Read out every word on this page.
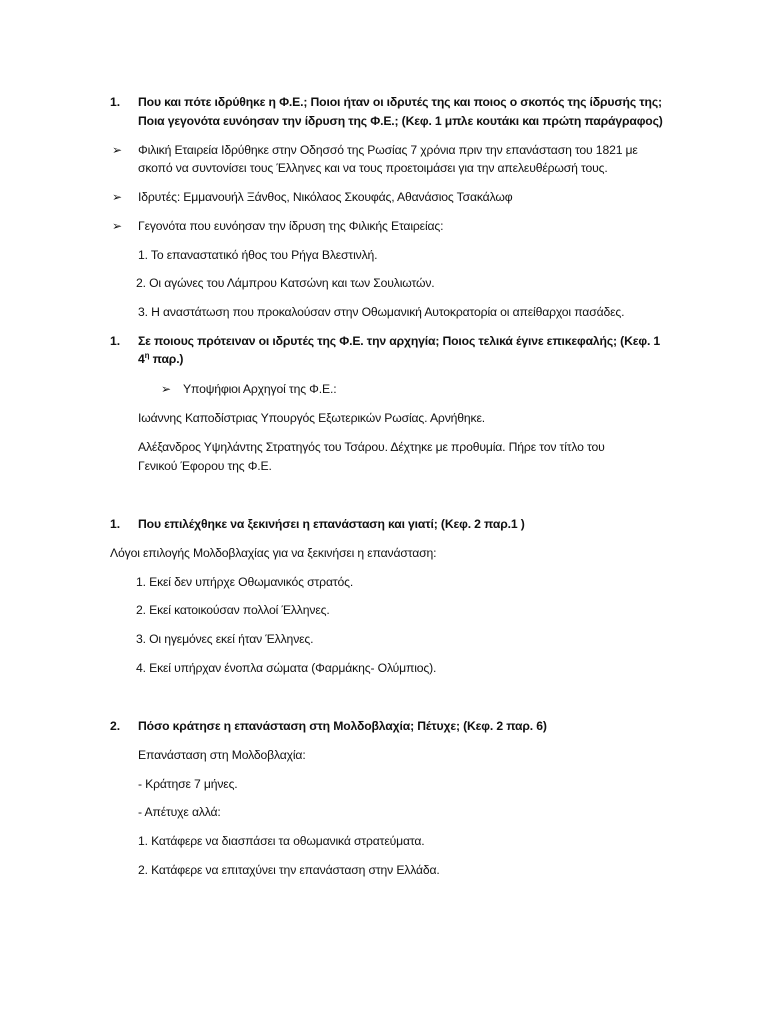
1. Που και πότε ιδρύθηκε η Φ.Ε.; Ποιοι ήταν οι ιδρυτές της και ποιος ο σκοπός της ίδρυσής της;
Ποια γεγονότα ευνόησαν την ίδρυση της Φ.Ε.; (Κεφ. 1 μπλε κουτάκι και πρώτη παράγραφος)
➢ Φιλική Εταιρεία Ιδρύθηκε στην Οδησσό της Ρωσίας 7 χρόνια πριν την επανάσταση του 1821 με
σκοπό να συντονίσει τους Έλληνες και να τους προετοιμάσει για την απελευθέρωσή τους.
➢ Ιδρυτές: Εμμανουήλ Ξάνθος, Νικόλαος Σκουφάς, Αθανάσιος Τσακάλωφ
➢ Γεγονότα που ευνόησαν την ίδρυση της Φιλικής Εταιρείας:
1. Το επαναστατικό ήθος του Ρήγα Βλεστινλή.
2. Οι αγώνες του Λάμπρου Κατσώνη και των Σουλιωτών.
3. Η αναστάτωση που προκαλούσαν στην Οθωμανική Αυτοκρατορία οι απείθαρχοι πασάδες.
1. Σε ποιους πρότειναν οι ιδρυτές της Φ.Ε. την αρχηγία; Ποιος τελικά έγινε επικεφαλής; (Κεφ. 1
$4^\eta$ παρ.)
➢ Υποψήφιοι Αρχηγοί της Φ.Ε.:
Ιωάννης Καποδίστριας Υπουργός Εξωτερικών Ρωσίας. Αρνήθηκε.
Αλέξανδρος Υψηλάντης Στρατηγός του Τσάρου. Δέχτηκε με προθυμία. Πήρε τον τίτλο του
Γενικού Έφορου της Φ.Ε.
1. Που επιλέχθηκε να ξεκινήσει η επανάσταση και γιατί; (Κεφ. 2 παρ.1 )
Λόγοι επιλογής Μολδοβλαχίας για να ξεκινήσει η επανάσταση:
1. Εκεί δεν υπήρχε Οθωμανικός στρατός.
2. Εκεί κατοικούσαν πολλοί Έλληνες.
3. Οι ηγεμόνες εκεί ήταν Έλληνες.
4. Εκεί υπήρχαν ένοπλα σώματα (Φαρμάκης- Ολύμπιος).
2. Πόσο κράτησε η επανάσταση στη Μολδοβλαχία; Πέτυχε; (Κεφ. 2 παρ. 6)
Επανάσταση στη Μολδοβλαχία:
- Κράτησε 7 μήνες.
- Απέτυχε αλλά:
1. Κατάφερε να διασπάσει τα οθωμανικά στρατεύματα.
2. Κατάφερε να επιταχύνει την επανάσταση στην Ελλάδα.
